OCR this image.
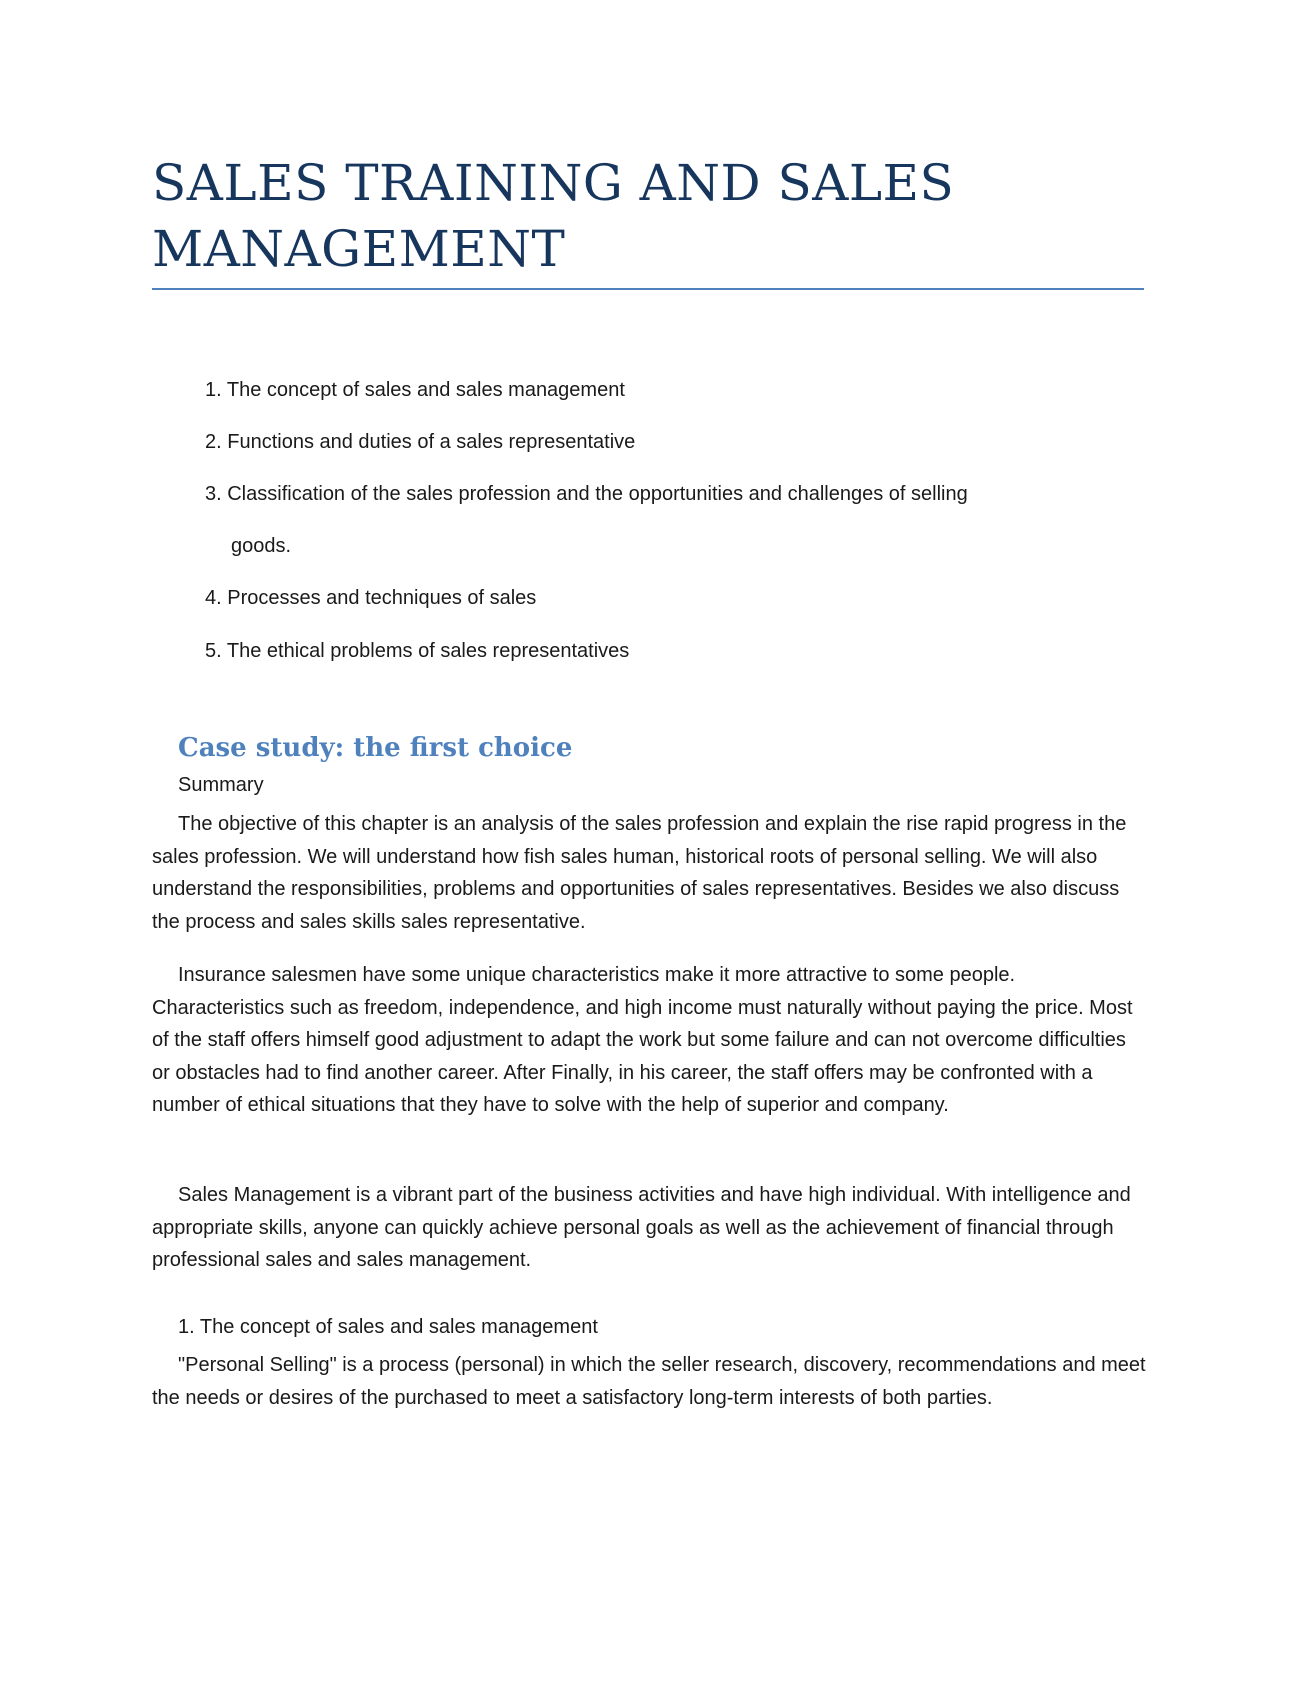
SALES TRAINING AND SALES MANAGEMENT
1. The concept of sales and sales management
2. Functions and duties of a sales representative
3. Classification of the sales profession and the opportunities and challenges of selling
goods.
4. Processes and techniques of sales
5. The ethical problems of sales representatives
Case study: the first choice

Summary

The objective of this chapter is an analysis of the sales profession and explain the rise rapid progress in the sales profession. We will understand how fish sales human, historical roots of personal selling. We will also understand the responsibilities, problems and opportunities of sales representatives. Besides we also discuss the process and sales skills sales representative.

Insurance salesmen have some unique characteristics make it more attractive to some people. Characteristics such as freedom, independence, and high income must naturally without paying the price. Most of the staff offers himself good adjustment to adapt the work but some failure and can not overcome difficulties or obstacles had to find another career. After Finally, in his career, the staff offers may be confronted with a number of ethical situations that they have to solve with the help of superior and company.

Sales Management is a vibrant part of the business activities and have high individual. With intelligence and appropriate skills, anyone can quickly achieve personal goals as well as the achievement of financial through professional sales and sales management.

1. The concept of sales and sales management

"Personal Selling" is a process (personal) in which the seller research, discovery, recommendations and meet the needs or desires of the purchased to meet a satisfactory long-term interests of both parties.
